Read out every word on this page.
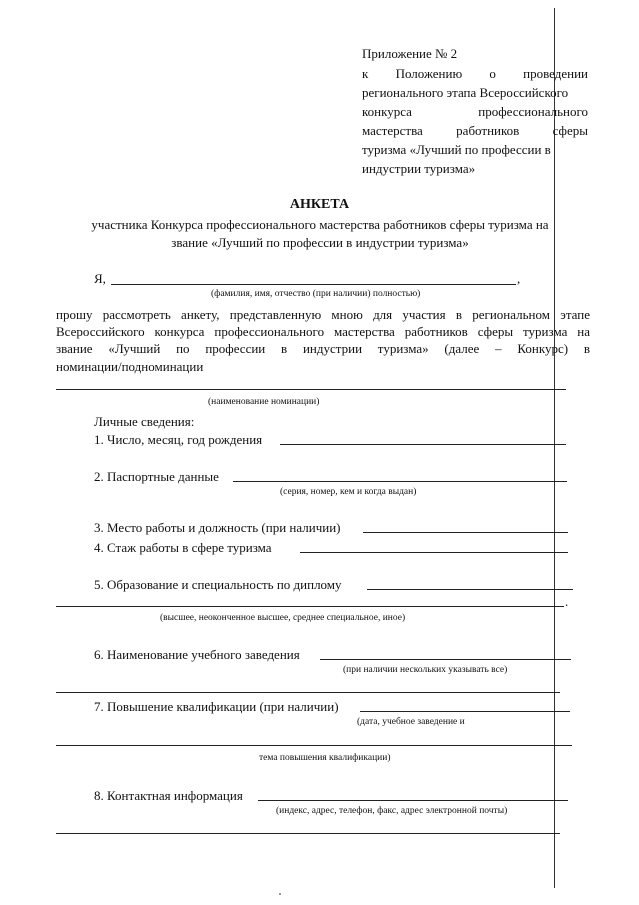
Приложение № 2
к Положению о проведении
регионального этапа Всероссийского
конкурса	профессионального
мастерства	работников	сферы
туризма «Лучший по профессии в
индустрии туризма»
АНКЕТА
участника Конкурса профессионального мастерства работников сферы туризма на
звание «Лучший по профессии в индустрии туризма»
Я,	,
(фамилия, имя, отчество (при наличии) полностью)
прошу рассмотреть анкету, представленную мною для участия в региональном этапе
Всероссийского конкурса профессионального мастерства работников сферы туризма на
звание «Лучший по профессии в индустрии туризма» (далее – Конкурс) в
номинации/подноминации
(наименование номинации)
Личные сведения:
1. Число, месяц, год рождения
2. Паспортные данные
(серия, номер, кем и когда выдан)
3. Место работы и должность (при наличии)
4. Стаж работы в сфере туризма
5. Образование и специальность по диплому
.
(высшее, неоконченное высшее, среднее специальное, иное)
6. Наименование учебного заведения
(при наличии нескольких указывать все)
7. Повышение квалификации (при наличии)
(дата, учебное заведение и
тема повышения квалификации)
8. Контактная информация
(индекс, адрес, телефон, факс, адрес электронной почты)
